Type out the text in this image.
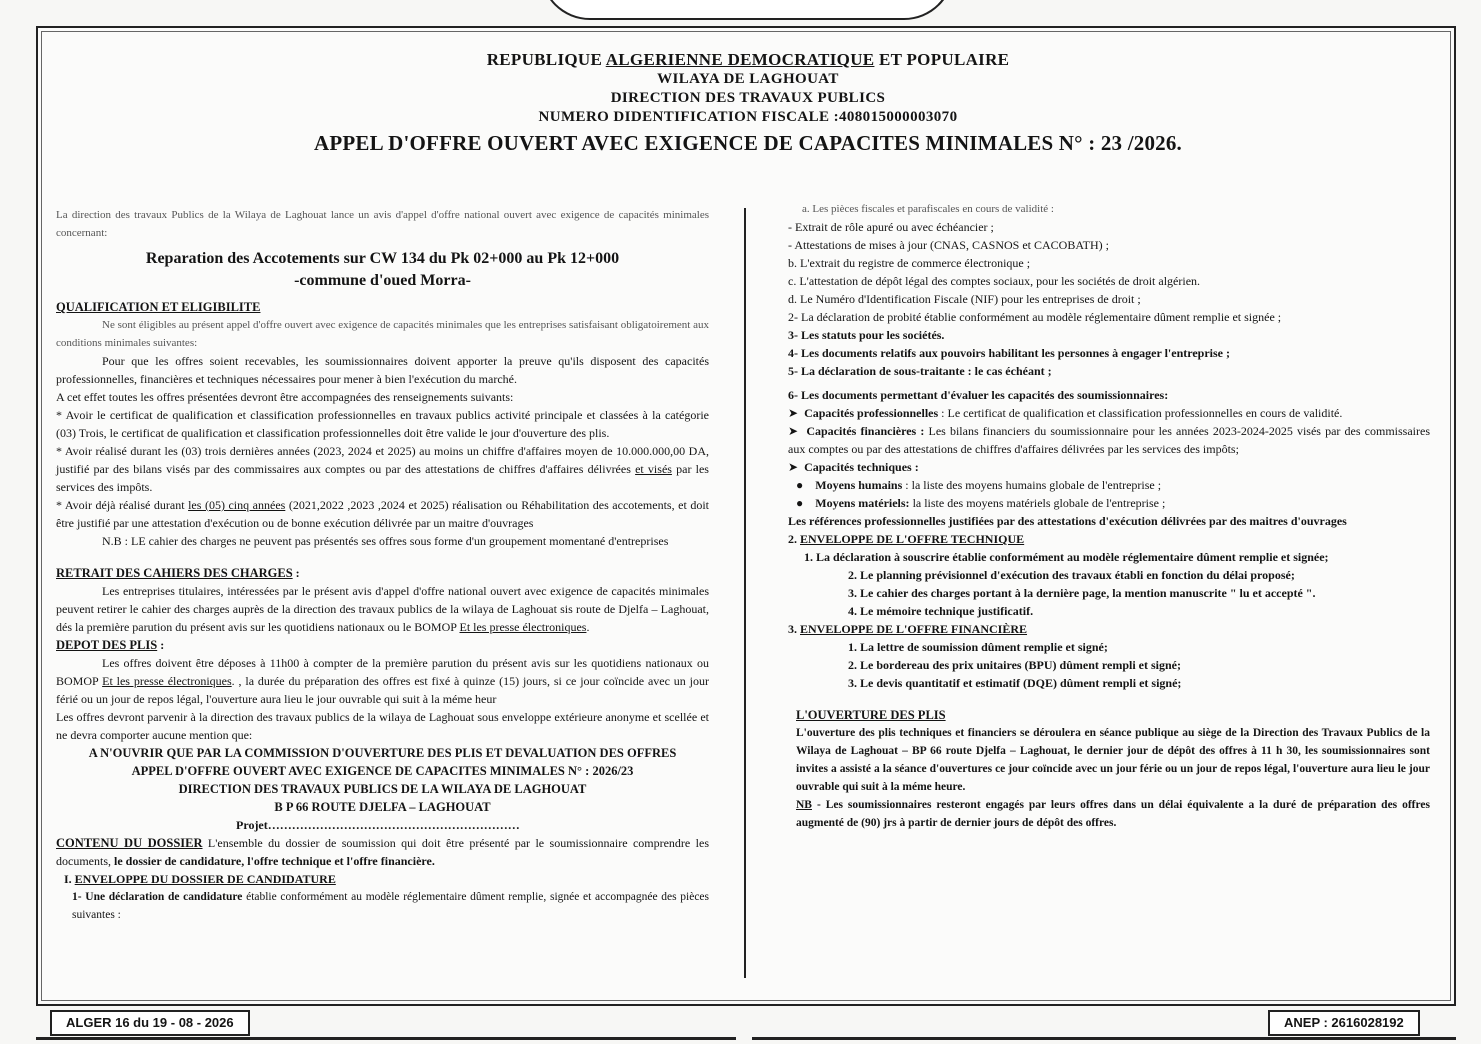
REPUBLIQUE ALGERIENNE DEMOCRATIQUE ET POPULAIRE
WILAYA DE LAGHOUAT
DIRECTION DES TRAVAUX PUBLICS
NUMERO DIDENTIFICATION FISCALE :408015000003070
APPEL D'OFFRE OUVERT AVEC EXIGENCE DE CAPACITES MINIMALES N° : 23 /2026.

La direction des travaux Publics de la Wilaya de Laghouat lance un avis d'appel d'offre national ouvert avec exigence de capacités minimales concernant:

Reparation des Accotements sur CW 134 du Pk 02+000 au Pk 12+000

-commune d'oued Morra-

QUALIFICATION ET ELIGIBILITE

Ne sont éligibles au présent appel d'offre ouvert avec exigence de capacités minimales que les entreprises satisfaisant obligatoirement aux conditions minimales suivantes:

Pour que les offres soient recevables, les soumissionnaires doivent apporter la preuve qu'ils disposent des capacités professionnelles, financières et techniques nécessaires pour mener à bien l'exécution du marché.

A cet effet toutes les offres présentées devront être accompagnées des renseignements suivants:

* Avoir le certificat de qualification et classification professionnelles en travaux publics activité principale et classées à la catégorie (03) Trois, le certificat de qualification et classification professionnelles doit être valide le jour d'ouverture des plis.

* Avoir réalisé durant les (03) trois dernières années (2023, 2024 et 2025) au moins un chiffre d'affaires moyen de 10.000.000,00 DA, justifié par des bilans visés par des commissaires aux comptes ou par des attestations de chiffres d'affaires délivrées et visés par les services des impôts.

* Avoir déjà réalisé durant les (05) cinq années (2021,2022 ,2023 ,2024 et 2025) réalisation ou Réhabilitation des accotements, et doit être justifié par une attestation d'exécution ou de bonne exécution délivrée par un maitre d'ouvrages

N.B : LE cahier des charges ne peuvent pas présentés ses offres sous forme d'un groupement momentané d'entreprises

RETRAIT DES CAHIERS DES CHARGES :

Les entreprises titulaires, intéressées par le présent avis d'appel d'offre national ouvert avec exigence de capacités minimales peuvent retirer le cahier des charges auprès de la direction des travaux publics de la wilaya de Laghouat sis route de Djelfa – Laghouat, dés la première parution du présent avis sur les quotidiens nationaux ou le BOMOP Et les presse électroniques.

DEPOT DES PLIS :

Les offres doivent être déposes à 11h00 à compter de la première parution du présent avis sur les quotidiens nationaux ou BOMOP Et les presse électroniques. , la durée du préparation des offres est fixé à quinze (15) jours, si ce jour coïncide avec un jour férié ou un jour de repos légal, l'ouverture aura lieu le jour ouvrable qui suit à la méme heur

Les offres devront parvenir à la direction des travaux publics de la wilaya de Laghouat sous enveloppe extérieure anonyme et scellée et ne devra comporter aucune mention que:

A N'OUVRIR QUE PAR LA COMMISSION D'OUVERTURE DES PLIS ET DEVALUATION DES OFFRES

APPEL D'OFFRE OUVERT AVEC EXIGENCE DE CAPACITES MINIMALES N° : 2026/23

DIRECTION DES TRAVAUX PUBLICS DE LA WILAYA DE LAGHOUAT

B P 66 ROUTE DJELFA – LAGHOUAT

Projet………………………………………………………

CONTENU DU DOSSIER L'ensemble du dossier de soumission qui doit être présenté par le soumissionnaire comprendre les documents, le dossier de candidature, l'offre technique et l'offre financière.

I. ENVELOPPE DU DOSSIER DE CANDIDATURE

1- Une déclaration de candidature établie conformément au modèle réglementaire dûment remplie, signée et accompagnée des pièces suivantes :

a. Les pièces fiscales et parafiscales en cours de validité :

- Extrait de rôle apuré ou avec échéancier ;

- Attestations de mises à jour (CNAS, CASNOS et CACOBATH) ;

b. L'extrait du registre de commerce électronique ;

c. L'attestation de dépôt légal des comptes sociaux, pour les sociétés de droit algérien.

d. Le Numéro d'Identification Fiscale (NIF) pour les entreprises de droit ;

2- La déclaration de probité établie conformément au modèle réglementaire dûment remplie et signée ;

3- Les statuts pour les sociétés.

4- Les documents relatifs aux pouvoirs habilitant les personnes à engager l'entreprise ;

5- La déclaration de sous-traitante : le cas échéant ;

6- Les documents permettant d'évaluer les capacités des soumissionnaires:

➤  Capacités professionnelles : Le certificat de qualification et classification professionnelles en cours de validité.

➤  Capacités financières : Les bilans financiers du soumissionnaire pour les années 2023-2024-2025 visés par des commissaires aux comptes ou par des attestations de chiffres d'affaires délivrées par les services des impôts;

➤  Capacités techniques :

●    Moyens humains : la liste des moyens humains globale de l'entreprise ;

●    Moyens matériels: la liste des moyens matériels globale de l'entreprise ;

Les références professionnelles justifiées par des attestations d'exécution délivrées par des maitres d'ouvrages

2. ENVELOPPE DE L'OFFRE TECHNIQUE

1. La déclaration à souscrire établie conformément au modèle réglementaire dûment remplie et signée;

2. Le planning prévisionnel d'exécution des travaux établi en fonction du délai proposé;

3. Le cahier des charges portant à la dernière page, la mention manuscrite " lu et accepté ".

4. Le mémoire technique justificatif.

3. ENVELOPPE DE L'OFFRE FINANCIÈRE

1. La lettre de soumission dûment remplie et signé;

2. Le bordereau des prix unitaires (BPU) dûment rempli et signé;

3. Le devis quantitatif et estimatif (DQE) dûment rempli et signé;

L'OUVERTURE DES PLIS

L'ouverture des plis techniques et financiers se déroulera en séance publique au siège de la Direction des Travaux Publics de la Wilaya de Laghouat – BP 66 route Djelfa – Laghouat, le dernier jour de dépôt des offres à 11 h 30, les soumissionnaires sont invites a assisté a la séance d'ouvertures ce jour coïncide avec un jour férie ou un jour de repos légal, l'ouverture aura lieu le jour ouvrable qui suit à la méme heure.

NB - Les soumissionnaires resteront engagés par leurs offres dans un délai équivalente a la duré de préparation des offres augmenté de (90) jrs à partir de dernier jours de dépôt des offres.

ALGER 16 du 19 - 08 - 2026	ANEP : 2616028192
